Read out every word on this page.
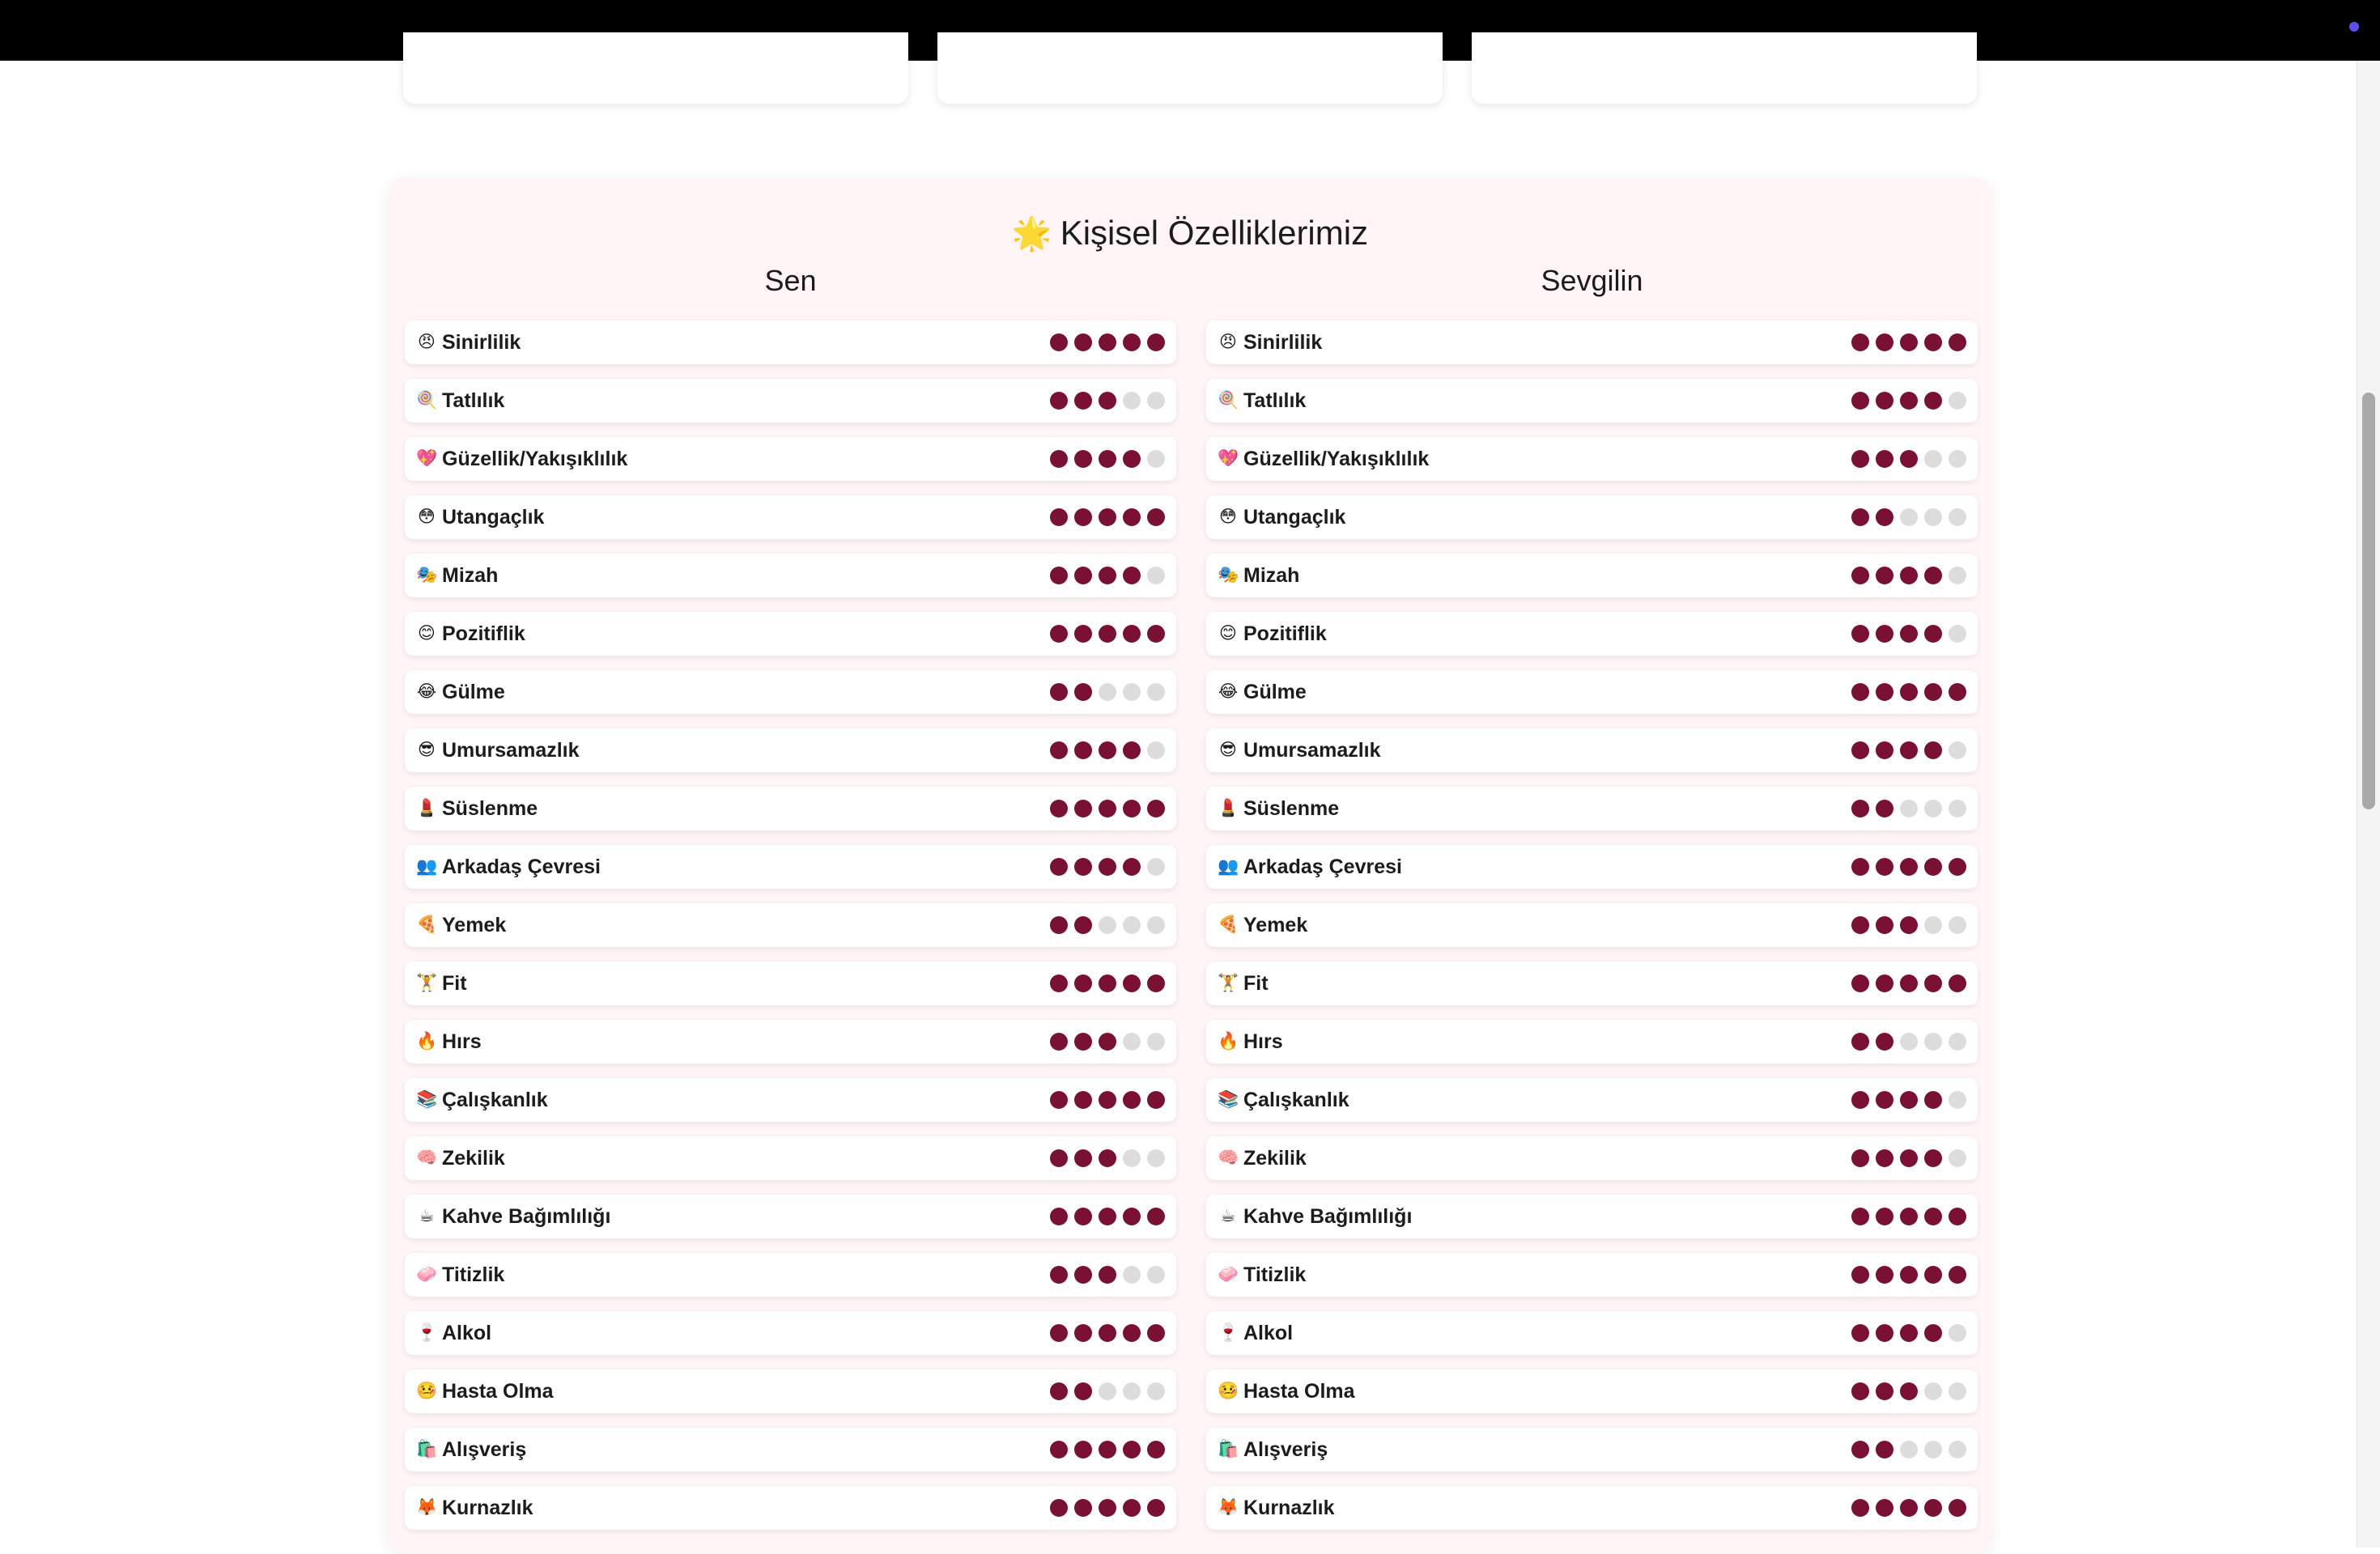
🌟 Kişisel Özelliklerimiz
Sen	Sevgilin
😠 Sinirlilik
🍭 Tatlılık
💖 Güzellik/Yakışıklılık
😳 Utangaçlık
🎭 Mizah
😊 Pozitiflik
😂 Gülme
😎 Umursamazlık
💄 Süslenme
👥 Arkadaş Çevresi
🍕 Yemek
🏋️ Fit
🔥 Hırs
📚 Çalışkanlık
🧠 Zekilik
☕ Kahve Bağımlılığı
🧼 Titizlik
🍷 Alkol
🤒 Hasta Olma
🛍️ Alışveriş
🦊 Kurnazlık
😠 Sinirlilik
🍭 Tatlılık
💖 Güzellik/Yakışıklılık
😳 Utangaçlık
🎭 Mizah
😊 Pozitiflik
😂 Gülme
😎 Umursamazlık
💄 Süslenme
👥 Arkadaş Çevresi
🍕 Yemek
🏋️ Fit
🔥 Hırs
📚 Çalışkanlık
🧠 Zekilik
☕ Kahve Bağımlılığı
🧼 Titizlik
🍷 Alkol
🤒 Hasta Olma
🛍️ Alışveriş
🦊 Kurnazlık
